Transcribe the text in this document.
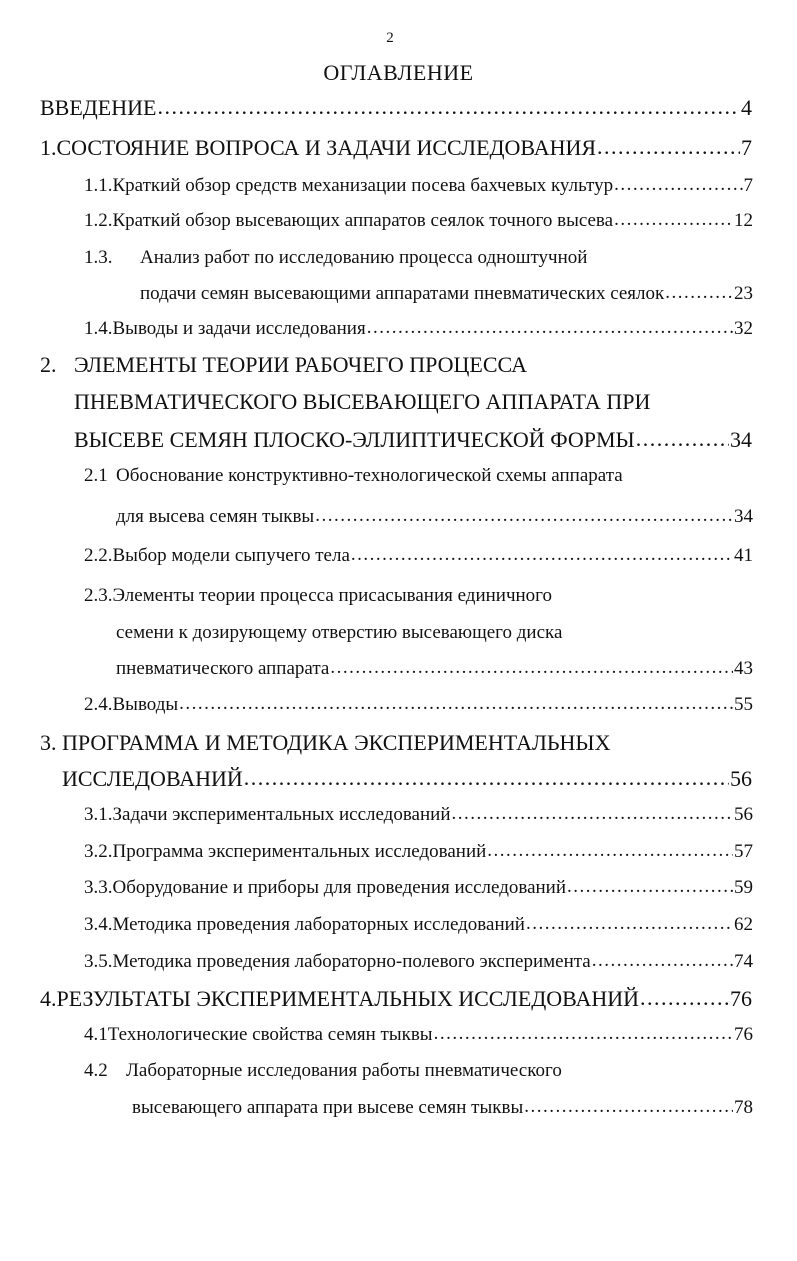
2
ОГЛАВЛЕНИЕ
ВВЕДЕНИЕ .....	4
1. СОСТОЯНИЕ ВОПРОСА И ЗАДАЧИ ИССЛЕДОВАНИЯ .....	7
1.1. Краткий обзор средств механизации посева бахчевых культур .....	7
1.2. Краткий обзор высевающих аппаратов сеялок точного высева .....	12
1.3.	Анализ работ по исследованию процесса одноштучной
подачи семян высевающими аппаратами пневматических сеялок .....	23
1.4. Выводы и задачи исследования .....	32
2. ЭЛЕМЕНТЫ ТЕОРИИ РАБОЧЕГО ПРОЦЕССА
ПНЕВМАТИЧЕСКОГО ВЫСЕВАЮЩЕГО АППАРАТА ПРИ
ВЫСЕВЕ СЕМЯН ПЛОСКО-ЭЛЛИПТИЧЕСКОЙ ФОРМЫ .....	34
2.1 Обоснование конструктивно-технологической схемы аппарата
для высева семян тыквы .....	34
2.2. Выбор модели сыпучего тела .....	41
2.3. Элементы теории процесса присасывания единичного
семени к дозирующему отверстию высевающего диска
пневматического аппарата .....	43
2.4. Выводы .....	55
3. ПРОГРАММА И МЕТОДИКА ЭКСПЕРИМЕНТАЛЬНЫХ
ИССЛЕДОВАНИЙ .....	56
3.1. Задачи экспериментальных исследований .....	56
3.2. Программа экспериментальных исследований .....	57
3.3. Оборудование и приборы для проведения исследований .....	59
3.4. Методика проведения лабораторных исследований .....	62
3.5. Методика проведения лабораторно-полевого эксперимента .....	74
4. РЕЗУЛЬТАТЫ ЭКСПЕРИМЕНТАЛЬНЫХ ИССЛЕДОВАНИЙ .....	76
4.1 Технологические свойства семян тыквы .....	76
4.2 Лабораторные исследования работы пневматического
высевающего аппарата при высеве семян тыквы .....	78
